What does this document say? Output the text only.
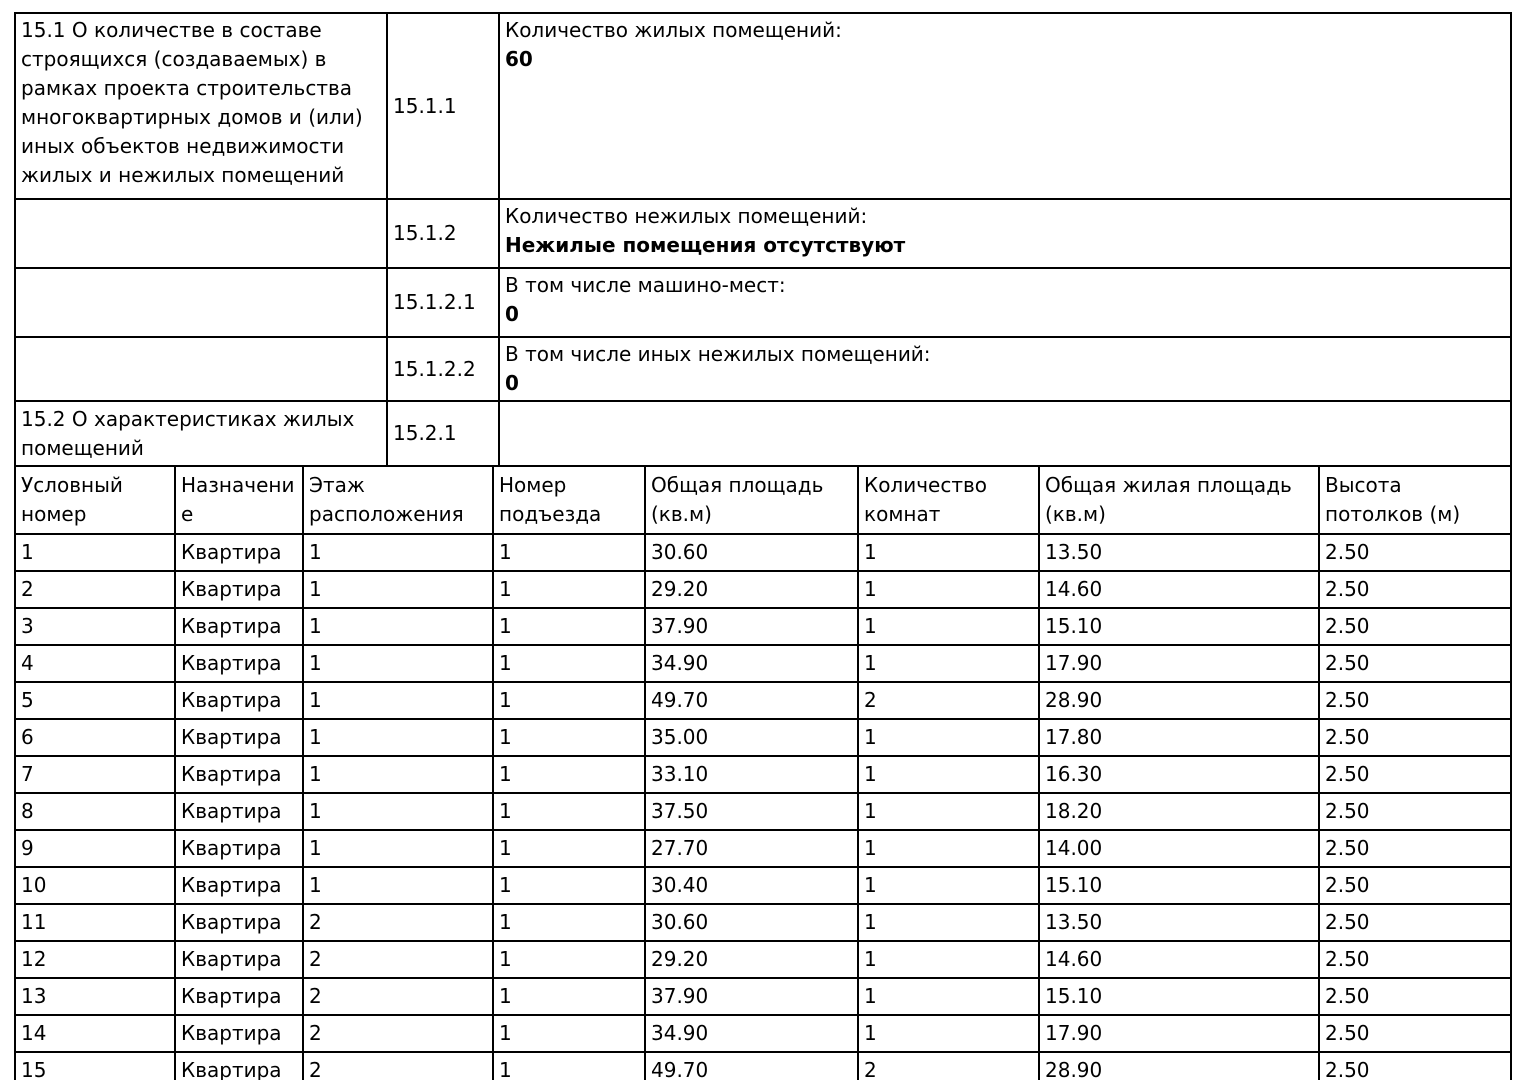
15.1 О количестве в составе строящихся (создаваемых) в рамках проекта строительства многоквартирных домов и (или) иных объектов недвижимости жилых и нежилых помещений	15.1.1	Количество жилых помещений:
60

	15.1.2	Количество нежилых помещений:
Нежилые помещения отсутствуют

	15.1.2.1	В том числе машино-мест:
0

	15.1.2.2	В том числе иных нежилых помещений:
0

15.2 О характеристиках жилых помещений	15.2.1	
Условный номер	Назначение	Этаж расположения	Номер подъезда	Общая площадь (кв.м)	Количество комнат	Общая жилая площадь (кв.м)	Высота потолков (м)
1	Квартира	1	1	30.60	1	13.50	2.50
2	Квартира	1	1	29.20	1	14.60	2.50
3	Квартира	1	1	37.90	1	15.10	2.50
4	Квартира	1	1	34.90	1	17.90	2.50
5	Квартира	1	1	49.70	2	28.90	2.50
6	Квартира	1	1	35.00	1	17.80	2.50
7	Квартира	1	1	33.10	1	16.30	2.50
8	Квартира	1	1	37.50	1	18.20	2.50
9	Квартира	1	1	27.70	1	14.00	2.50
10	Квартира	1	1	30.40	1	15.10	2.50
11	Квартира	2	1	30.60	1	13.50	2.50
12	Квартира	2	1	29.20	1	14.60	2.50
13	Квартира	2	1	37.90	1	15.10	2.50
14	Квартира	2	1	34.90	1	17.90	2.50
15	Квартира	2	1	49.70	2	28.90	2.50
